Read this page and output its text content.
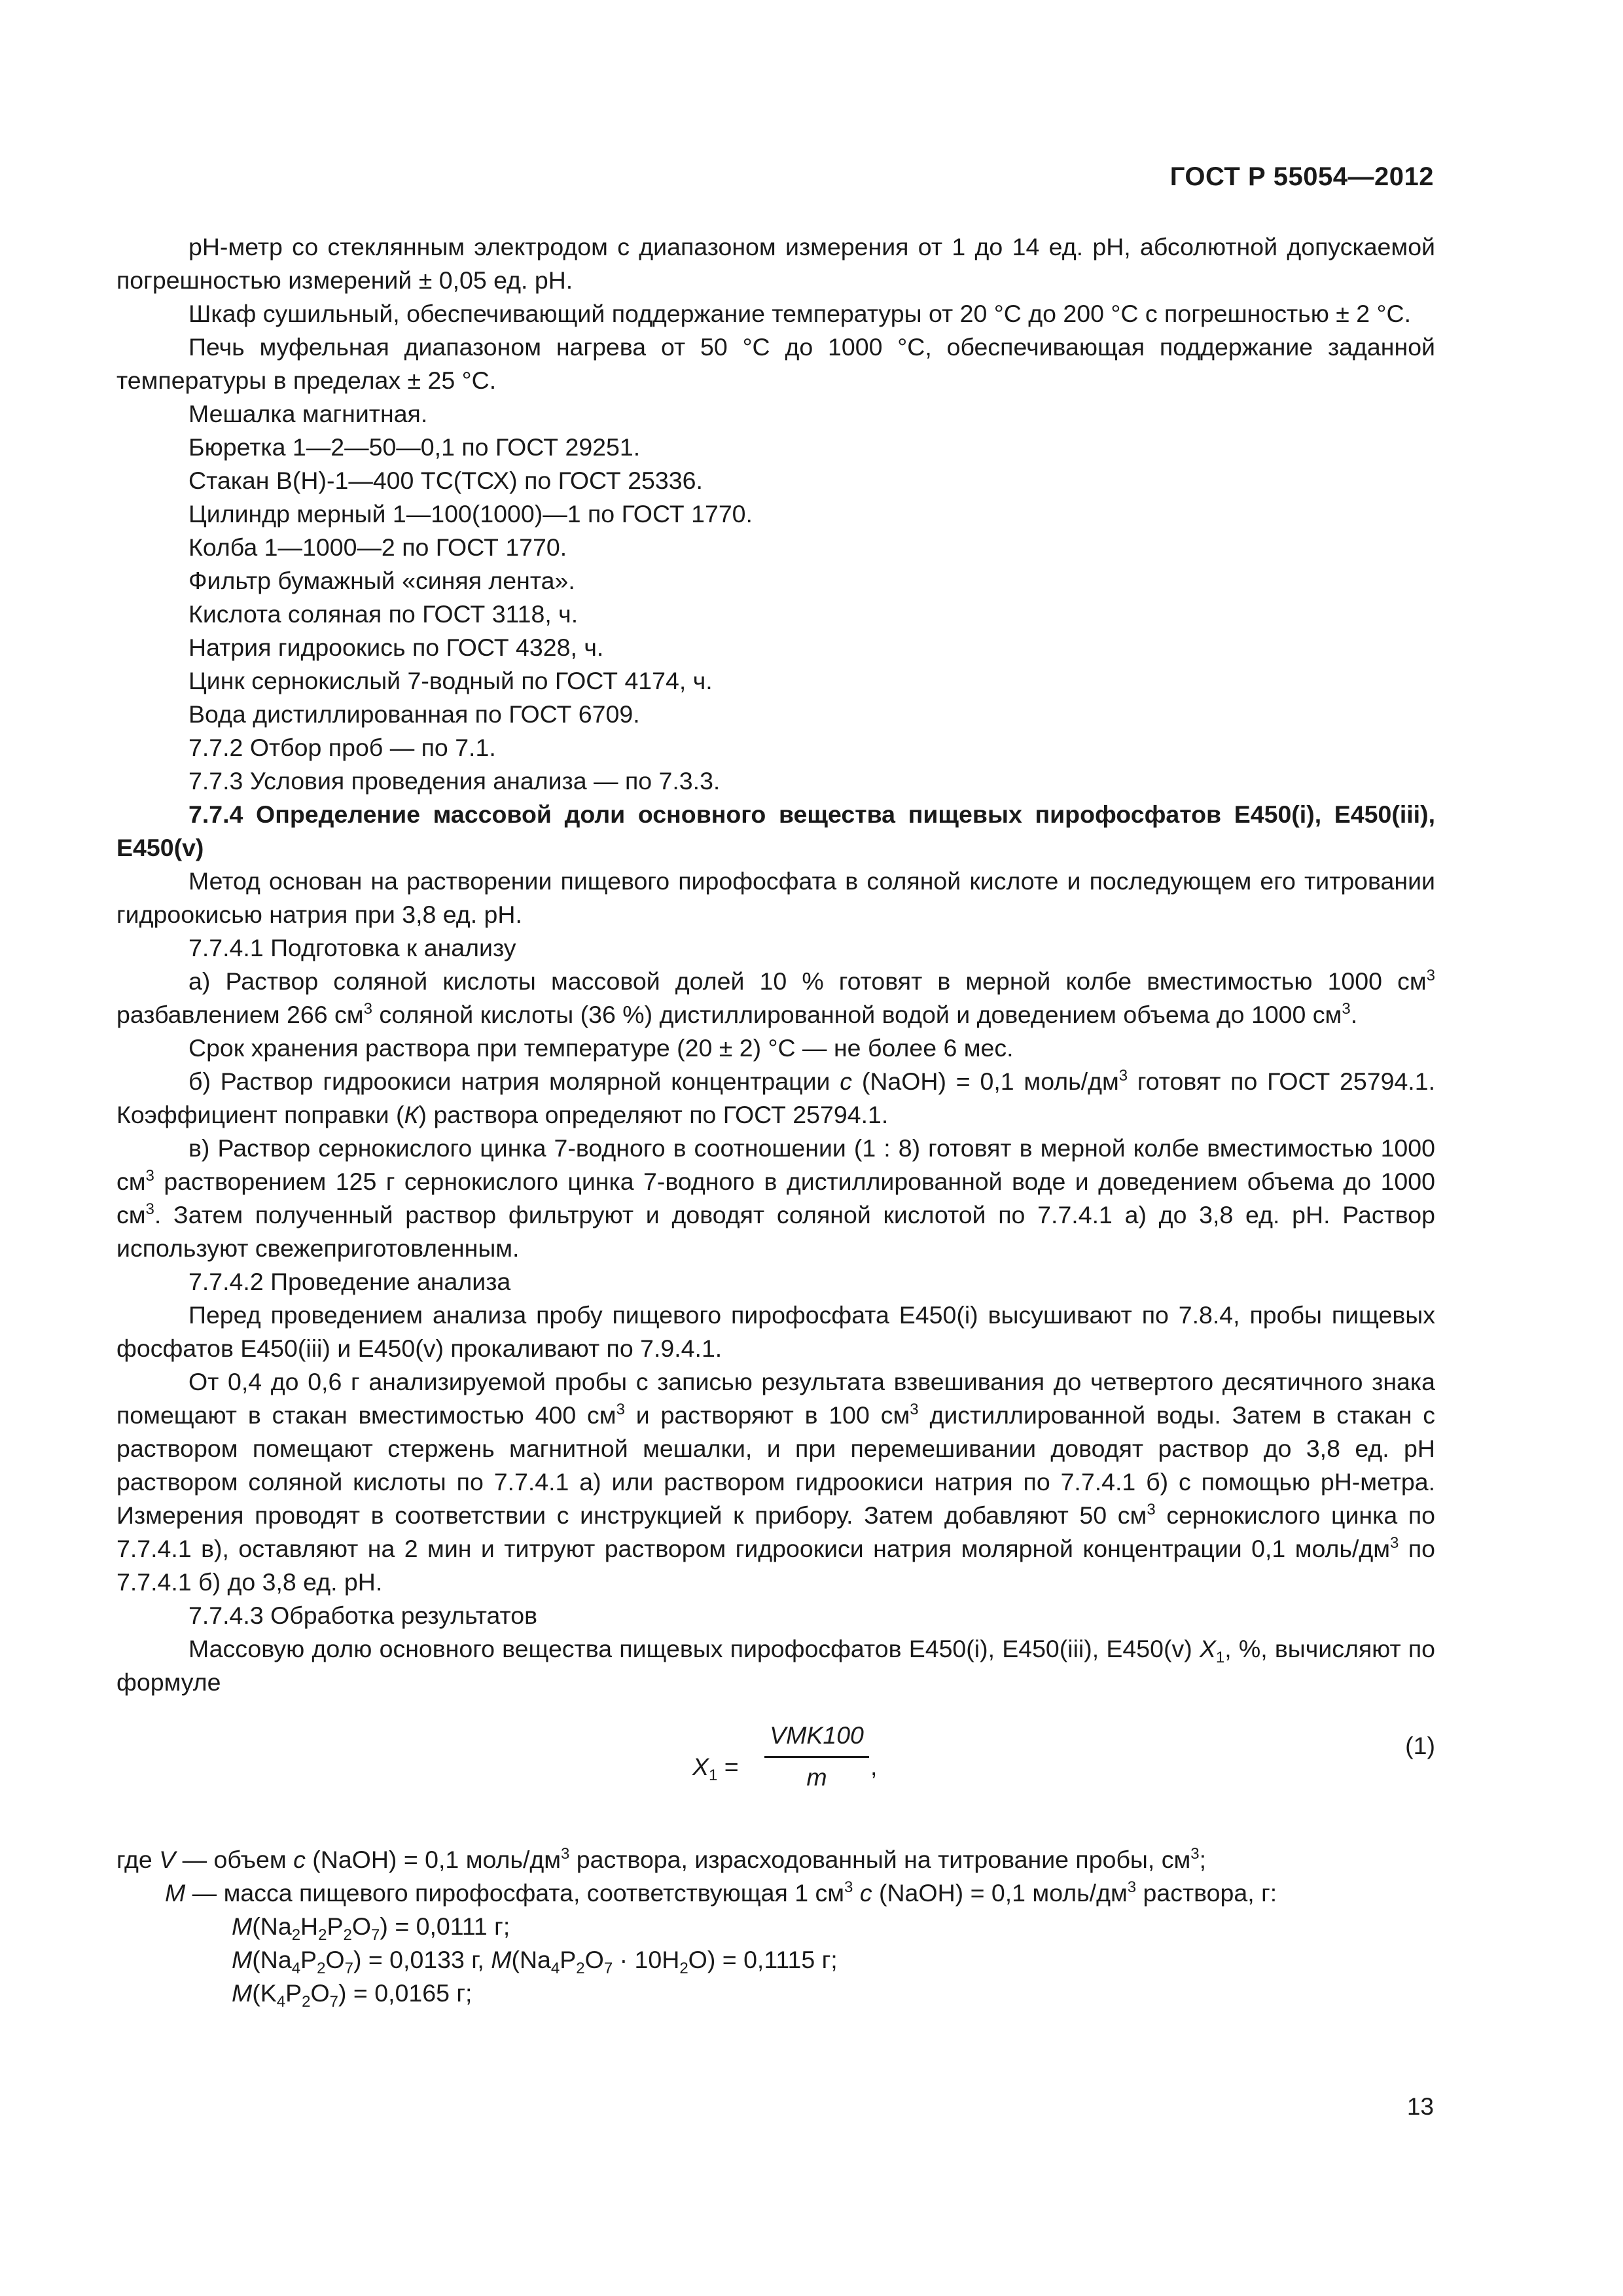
ГОСТ Р 55054—2012

рН-метр со стеклянным электродом с диапазоном измерения от 1 до 14 ед. рН, абсолютной допускаемой погрешностью измерений ± 0,05 ед. рН.

Шкаф сушильный, обеспечивающий поддержание температуры от 20 °С до 200 °С с погрешностью ± 2 °С.

Печь муфельная диапазоном нагрева от 50 °С до 1000 °С, обеспечивающая поддержание заданной температуры в пределах ± 25 °С.

Мешалка магнитная.

Бюретка 1—2—50—0,1 по ГОСТ 29251.

Стакан В(Н)-1—400 ТС(ТСХ) по ГОСТ 25336.

Цилиндр мерный 1—100(1000)—1 по ГОСТ 1770.

Колба 1—1000—2 по ГОСТ 1770.

Фильтр бумажный «синяя лента».

Кислота соляная по ГОСТ 3118, ч.

Натрия гидроокись по ГОСТ 4328, ч.

Цинк сернокислый 7-водный по ГОСТ 4174, ч.

Вода дистиллированная по ГОСТ 6709.

7.7.2 Отбор проб — по 7.1.

7.7.3 Условия проведения анализа — по 7.3.3.

7.7.4 Определение массовой доли основного вещества пищевых пирофосфатов Е450(i), Е450(iii), Е450(v)

Метод основан на растворении пищевого пирофосфата в соляной кислоте и последующем его титровании гидроокисью натрия при 3,8 ед. рН.

7.7.4.1 Подготовка к анализу

а) Раствор соляной кислоты массовой долей 10 % готовят в мерной колбе вместимостью 1000 $см^3$ разбавлением 266 $см^3$ соляной кислоты (36 %) дистиллированной водой и доведением объема до 1000 $см^3$.

Срок хранения раствора при температуре (20 ± 2) °С — не более 6 мес.

б) Раствор гидроокиси натрия молярной концентрации с (NaOH) = 0,1 моль/$дм^3$ готовят по ГОСТ 25794.1. Коэффициент поправки (К) раствора определяют по ГОСТ 25794.1.

в) Раствор сернокислого цинка 7-водного в соотношении (1 : 8) готовят в мерной колбе вместимостью 1000 $см^3$ растворением 125 г сернокислого цинка 7-водного в дистиллированной воде и доведением объема до 1000 $см^3$. Затем полученный раствор фильтруют и доводят соляной кислотой по 7.7.4.1 а) до 3,8 ед. рН. Раствор используют свежеприготовленным.

7.7.4.2 Проведение анализа

Перед проведением анализа пробу пищевого пирофосфата Е450(i) высушивают по 7.8.4, пробы пищевых фосфатов Е450(iii) и Е450(v) прокаливают по 7.9.4.1.

От 0,4 до 0,6 г анализируемой пробы с записью результата взвешивания до четвертого десятичного знака помещают в стакан вместимостью 400 $см^3$ и растворяют в 100 $см^3$ дистиллированной воды. Затем в стакан с раствором помещают стержень магнитной мешалки, и при перемешивании доводят раствор до 3,8 ед. рН раствором соляной кислоты по 7.7.4.1 а) или раствором гидроокиси натрия по 7.7.4.1 б) с помощью рН-метра. Измерения проводят в соответствии с инструкцией к прибору. Затем добавляют 50 $см^3$ сернокислого цинка по 7.7.4.1 в), оставляют на 2 мин и титруют раствором гидроокиси натрия молярной концентрации 0,1 моль/$дм^3$ по 7.7.4.1 б) до 3,8 ед. рН.

7.7.4.3 Обработка результатов

Массовую долю основного вещества пищевых пирофосфатов Е450(i), Е450(iii), Е450(v) $X_1$, %, вычисляют по формуле

$X_1$ =
VMK100
m	,
(1)

где V — объем с (NaOH) = 0,1 моль/$дм^3$ раствора, израсходованный на титрование пробы, $см^3$;

М — масса пищевого пирофосфата, соответствующая 1 $см^3$ с (NaOH) = 0,1 моль/$дм^3$ раствора, г:

$М(Na_2H_2P_2O_7) = 0,0111$ г;

$М(Na_4P_2O_7) = 0,0133$ г, $М(Na_4P_2O_7 \cdot 10H_2O) = 0,1115$ г;

$М(K_4P_2O_7) = 0,0165$ г;

13
